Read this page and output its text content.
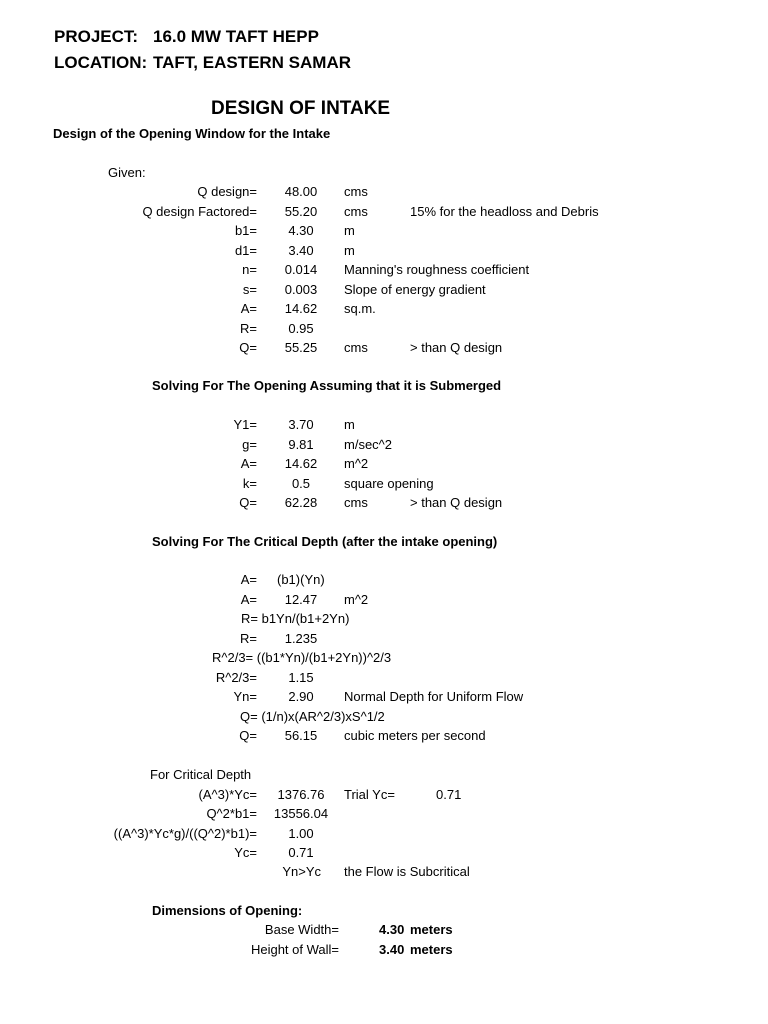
PROJECT: 16.0 MW TAFT HEPP
LOCATION: TAFT, EASTERN SAMAR
DESIGN OF INTAKE
Design of the Opening Window for the Intake
Given:
Q design=	48.00	cms
Q design Factored=	55.20	cms	15% for the headloss and Debris
b1=	4.30	m
d1=	3.40	m
n=	0.014	Manning's roughness coefficient
s=	0.003	Slope of energy gradient
A=	14.62	sq.m.
R=	0.95
Q=	55.25	cms	> than Q design
Solving For The Opening Assuming that it is Submerged
Y1=	3.70	m
g=	9.81	m/sec^2
A=	14.62	m^2
k=	0.5	square opening
Q=	62.28	cms	> than Q design
Solving For The Critical Depth (after the intake opening)
A= (b1)(Yn)
A=	12.47	m^2
R= b1Yn/(b1+2Yn)
R=	1.235
R^2/3= ((b1*Yn)/(b1+2Yn))^2/3
R^2/3=	1.15
Yn=	2.90	Normal Depth for Uniform Flow
Q= (1/n)x(AR^2/3)xS^1/2
Q=	56.15	cubic meters per second
For Critical Depth
(A^3)*Yc=	1376.76	Trial Yc=	0.71
Q^2*b1=	13556.04
((A^3)*Yc*g)/((Q^2)*b1)=	1.00
Yc=	0.71
Yn>Yc the Flow is Subcritical
Dimensions of Opening:
Base Width=	4.30 meters
Height of Wall=	3.40 meters
